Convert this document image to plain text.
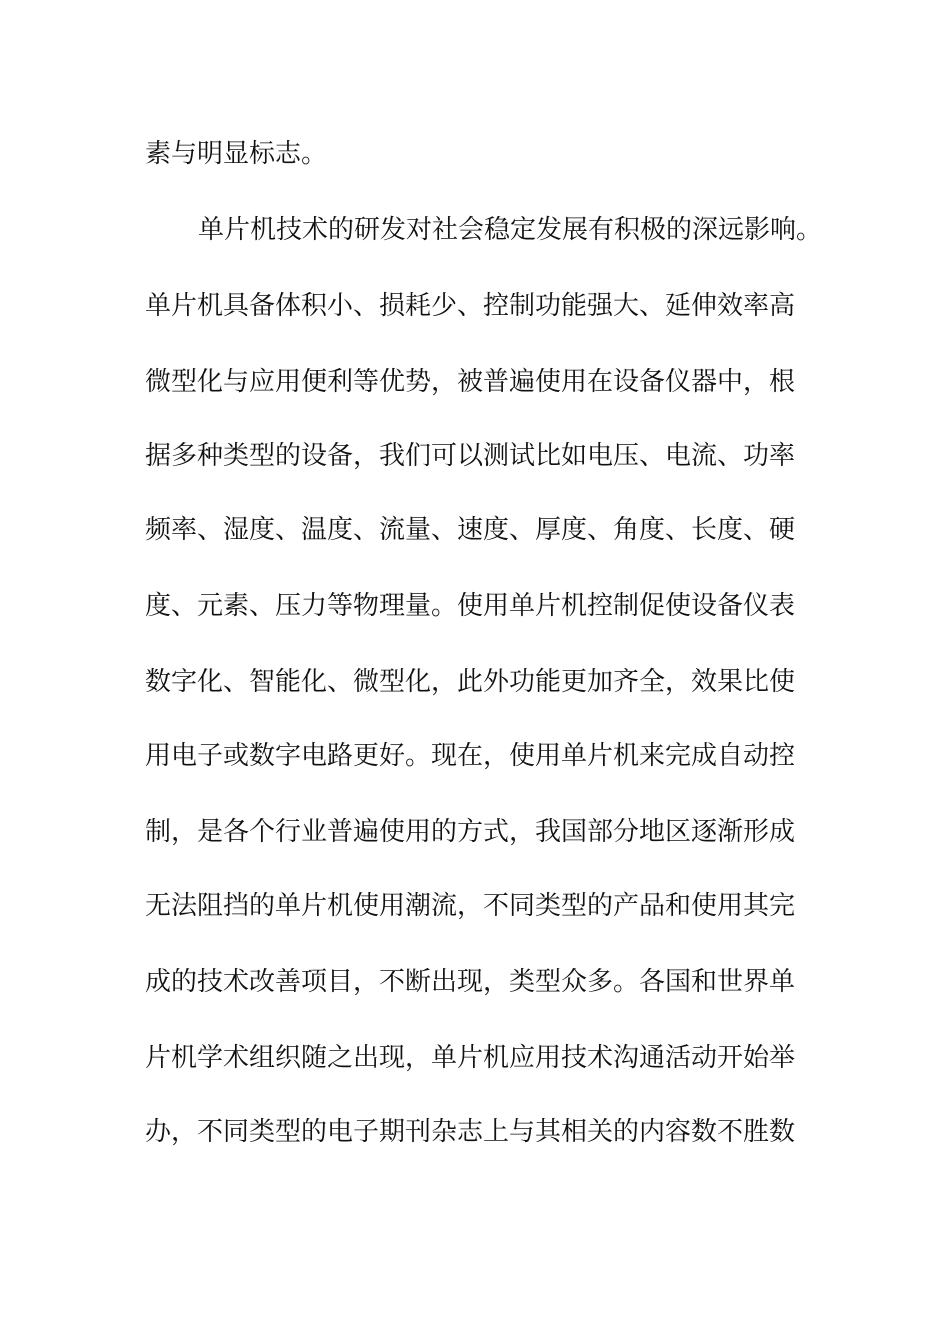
素与明显标志。
单片机技术的研发对社会稳定发展有积极的深远影响。
单片机具备体积小、损耗少、控制功能强大、延伸效率高
微型化与应用便利等优势，被普遍使用在设备仪器中，根
据多种类型的设备，我们可以测试比如电压、电流、功率
频率、湿度、温度、流量、速度、厚度、角度、长度、硬
度、元素、压力等物理量。使用单片机控制促使设备仪表
数字化、智能化、微型化，此外功能更加齐全，效果比使
用电子或数字电路更好。现在，使用单片机来完成自动控
制，是各个行业普遍使用的方式，我国部分地区逐渐形成
无法阻挡的单片机使用潮流，不同类型的产品和使用其完
成的技术改善项目，不断出现，类型众多。各国和世界单
片机学术组织随之出现，单片机应用技术沟通活动开始举
办，不同类型的电子期刊杂志上与其相关的内容数不胜数
